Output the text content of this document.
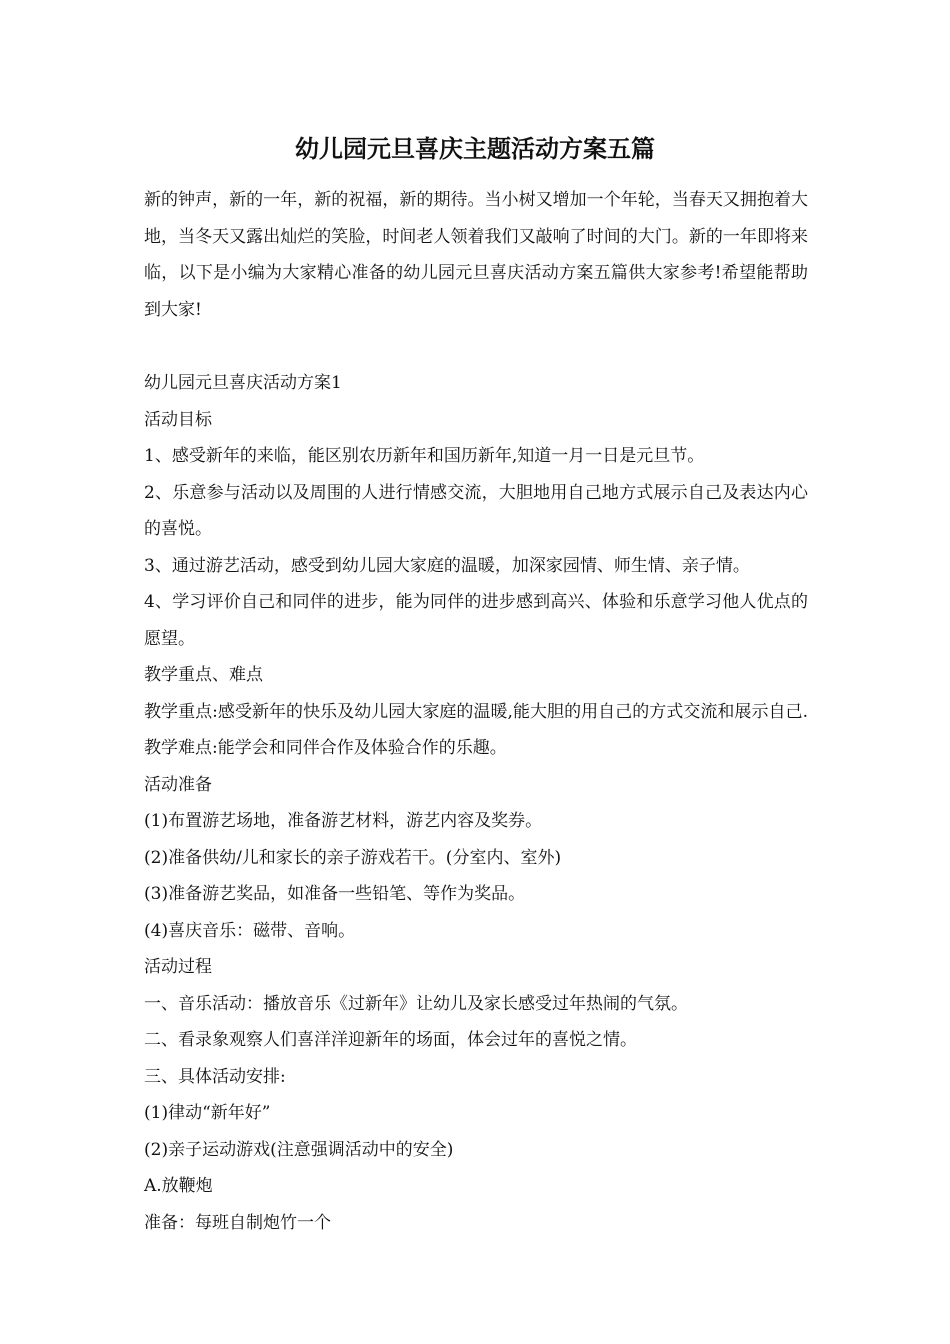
幼儿园元旦喜庆主题活动方案五篇

新的钟声，新的一年，新的祝福，新的期待。当小树又增加一个年轮，当春天又拥抱着大地，当冬天又露出灿烂的笑脸，时间老人领着我们又敲响了时间的大门。新的一年即将来临，以下是小编为大家精心准备的幼儿园元旦喜庆活动方案五篇供大家参考!希望能帮助到大家!

幼儿园元旦喜庆活动方案1

活动目标

1、感受新年的来临，能区别农历新年和国历新年,知道一月一日是元旦节。

2、乐意参与活动以及周围的人进行情感交流，大胆地用自己地方式展示自己及表达内心的喜悦。

3、通过游艺活动，感受到幼儿园大家庭的温暖，加深家园情、师生情、亲子情。

4、学习评价自己和同伴的进步，能为同伴的进步感到高兴、体验和乐意学习他人优点的愿望。

教学重点、难点

教学重点:感受新年的快乐及幼儿园大家庭的温暖,能大胆的用自己的方式交流和展示自己.教学难点:能学会和同伴合作及体验合作的乐趣。

活动准备

(1)布置游艺场地，准备游艺材料，游艺内容及奖券。

(2)准备供幼/儿和家长的亲子游戏若干。(分室内、室外)

(3)准备游艺奖品，如准备一些铅笔、等作为奖品。

(4)喜庆音乐：磁带、音响。

活动过程

一、音乐活动：播放音乐《过新年》让幼儿及家长感受过年热闹的气氛。

二、看录象观察人们喜洋洋迎新年的场面，体会过年的喜悦之情。

三、具体活动安排:

(1)律动“新年好”

(2)亲子运动游戏(注意强调活动中的安全)

A.放鞭炮

准备：每班自制炮竹一个
